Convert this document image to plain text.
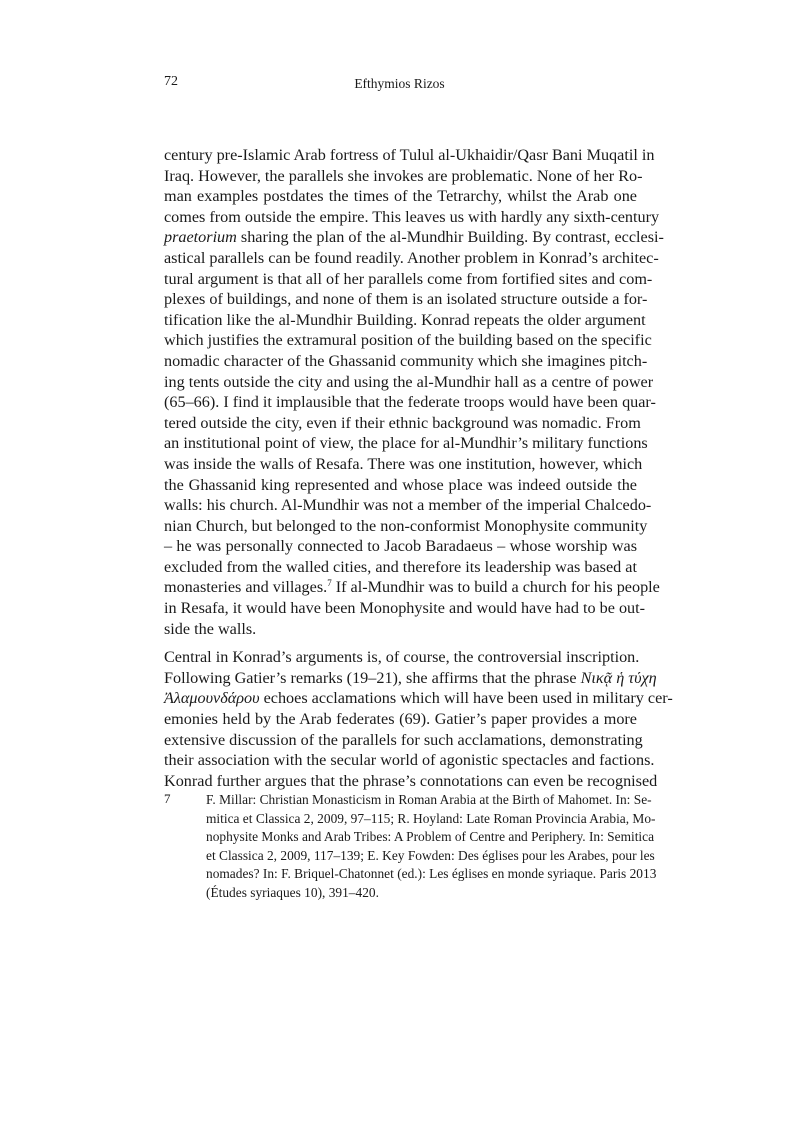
72	Efthymios Rizos
century pre-Islamic Arab fortress of Tulul al-Ukhaidir/Qasr Bani Muqatil in
Iraq. However, the parallels she invokes are problematic. None of her Ro-
man examples postdates the times of the Tetrarchy, whilst the Arab one
comes from outside the empire. This leaves us with hardly any sixth-century
praetorium sharing the plan of the al-Mundhir Building. By contrast, ecclesi-
astical parallels can be found readily. Another problem in Konrad’s architec-
tural argument is that all of her parallels come from fortified sites and com-
plexes of buildings, and none of them is an isolated structure outside a for-
tification like the al-Mundhir Building. Konrad repeats the older argument
which justifies the extramural position of the building based on the specific
nomadic character of the Ghassanid community which she imagines pitch-
ing tents outside the city and using the al-Mundhir hall as a centre of power
(65–66). I find it implausible that the federate troops would have been quar-
tered outside the city, even if their ethnic background was nomadic. From
an institutional point of view, the place for al-Mundhir’s military functions
was inside the walls of Resafa. There was one institution, however, which
the Ghassanid king represented and whose place was indeed outside the
walls: his church. Al-Mundhir was not a member of the imperial Chalcedo-
nian Church, but belonged to the non-conformist Monophysite community
– he was personally connected to Jacob Baradaeus – whose worship was
excluded from the walled cities, and therefore its leadership was based at
monasteries and villages.$^7$ If al-Mundhir was to build a church for his people
in Resafa, it would have been Monophysite and would have had to be out-
side the walls.
Central in Konrad’s arguments is, of course, the controversial inscription.
Following Gatier’s remarks (19–21), she affirms that the phrase Νικᾷ ἡ τύχη
Ἀλαμουνδάρου echoes acclamations which will have been used in military cer-
emonies held by the Arab federates (69). Gatier’s paper provides a more
extensive discussion of the parallels for such acclamations, demonstrating
their association with the secular world of agonistic spectacles and factions.
Konrad further argues that the phrase’s connotations can even be recognised
7	F. Millar: Christian Monasticism in Roman Arabia at the Birth of Mahomet. In: Se-
mitica et Classica 2, 2009, 97–115; R. Hoyland: Late Roman Provincia Arabia, Mo-
nophysite Monks and Arab Tribes: A Problem of Centre and Periphery. In: Semitica
et Classica 2, 2009, 117–139; E. Key Fowden: Des églises pour les Arabes, pour les
nomades? In: F. Briquel-Chatonnet (ed.): Les églises en monde syriaque. Paris 2013
(Études syriaques 10), 391–420.
